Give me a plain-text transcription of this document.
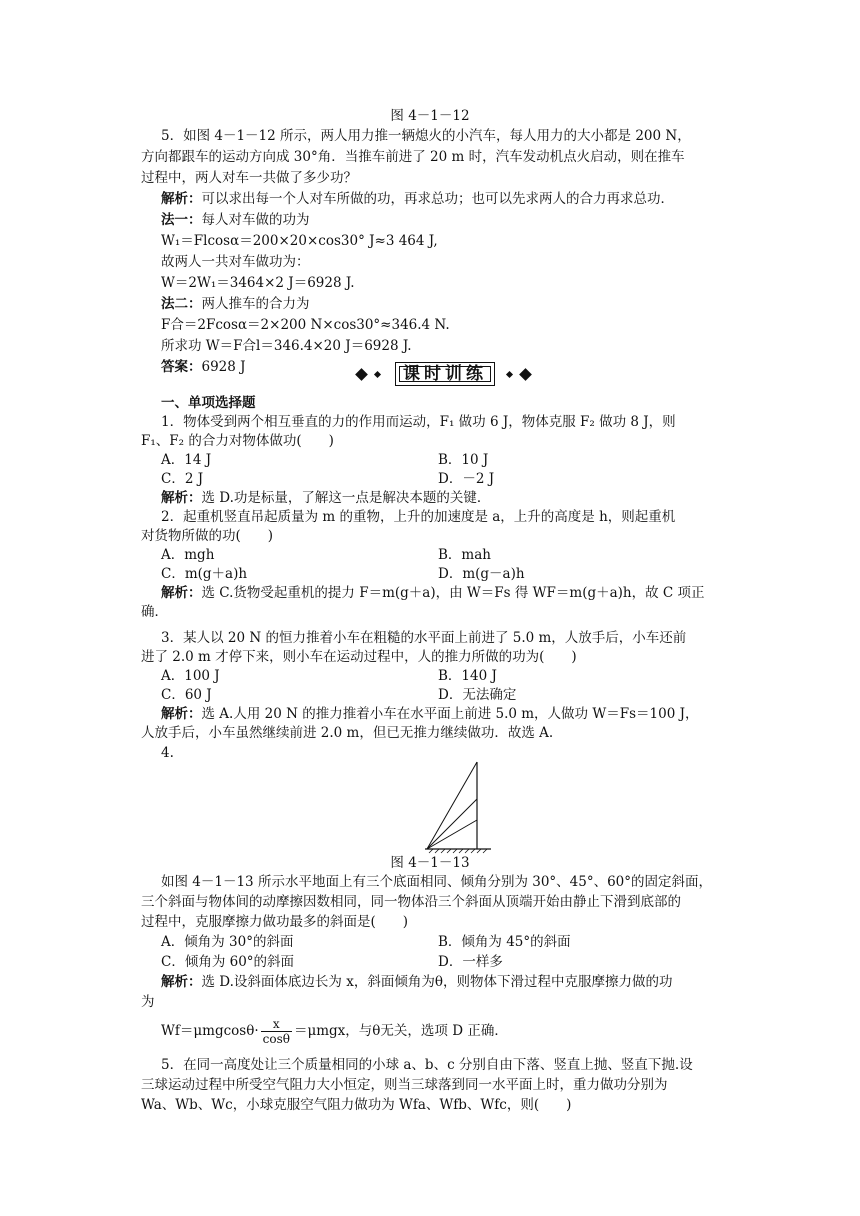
图 4－1－12
5．如图 4－1－12 所示，两人用力推一辆熄火的小汽车，每人用力的大小都是 200 N，
方向都跟车的运动方向成 30°角．当推车前进了 20 m 时，汽车发动机点火启动，则在推车
过程中，两人对车一共做了多少功？
解析：可以求出每一个人对车所做的功，再求总功；也可以先求两人的合力再求总功．
法一：每人对车做的功为
W₁＝Flcosα＝200×20×cos30° J≈3 464 J,
故两人一共对车做功为：
W＝2W₁＝3464×2 J＝6928 J.
法二：两人推车的合力为
F合＝2Fcosα＝2×200 N×cos30°≈346.4 N.
所求功 W＝F合l＝346.4×20 J＝6928 J.
答案：6928 J	课时训练
一、单项选择题
1．物体受到两个相互垂直的力的作用而运动，F₁ 做功 6 J，物体克服 F₂ 做功 8 J，则
F₁、F₂ 的合力对物体做功(　　)
A．14 J	B．10 J
C．2 J	D．－2 J
解析：选 D.功是标量，了解这一点是解决本题的关键．
2．起重机竖直吊起质量为 m 的重物，上升的加速度是 a，上升的高度是 h，则起重机
对货物所做的功(　　)
A．mgh	B．mah
C．m(g＋a)h	D．m(g－a)h
解析：选 C.货物受起重机的提力 F＝m(g＋a)，由 W＝Fs 得 WF＝m(g＋a)h，故 C 项正
确．
3．某人以 20 N 的恒力推着小车在粗糙的水平面上前进了 5.0 m，人放手后，小车还前
进了 2.0 m 才停下来，则小车在运动过程中，人的推力所做的功为(　　)
A．100 J	B．140 J
C．60 J	D．无法确定
解析：选 A.人用 20 N 的推力推着小车在水平面上前进 5.0 m，人做功 W＝Fs＝100 J，
人放手后，小车虽然继续前进 2.0 m，但已无推力继续做功．故选 A.
4.
图 4－1－13
如图 4－1－13 所示水平地面上有三个底面相同、倾角分别为 30°、45°、60°的固定斜面，
三个斜面与物体间的动摩擦因数相同，同一物体沿三个斜面从顶端开始由静止下滑到底部的
过程中，克服摩擦力做功最多的斜面是(　　)
A．倾角为 30°的斜面	B．倾角为 45°的斜面
C．倾角为 60°的斜面	D．一样多
解析：选 D.设斜面体底边长为 x，斜面倾角为θ，则物体下滑过程中克服摩擦力做的功
为
$Wf=\mu mgcos\theta\cdot \frac{x}{\cos\theta} =\mu mgx$，与θ无关，选项 D 正确．
5．在同一高度处让三个质量相同的小球 a、b、c 分别自由下落、竖直上抛、竖直下抛.设
三球运动过程中所受空气阻力大小恒定，则当三球落到同一水平面上时，重力做功分别为
Wa、Wb、Wc，小球克服空气阻力做功为 Wfa、Wfb、Wfc，则(　　)
